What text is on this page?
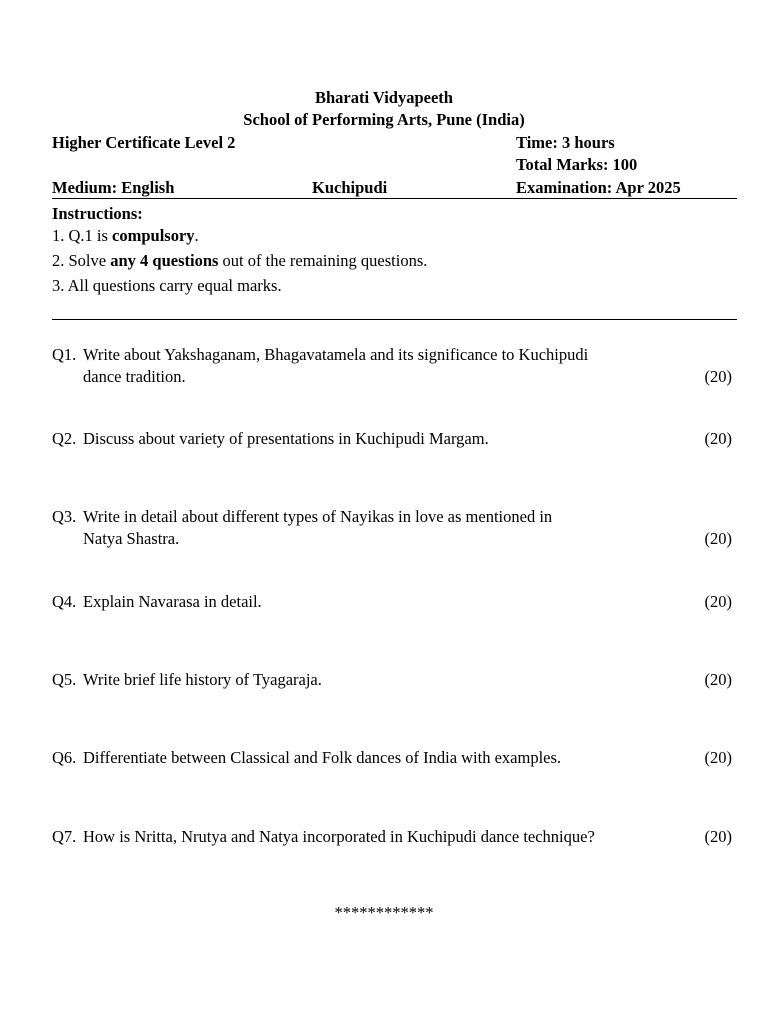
Bharati Vidyapeeth
School of Performing Arts, Pune (India)
Higher Certificate Level 2	Time: 3 hours
Total Marks: 100
Medium: English	Kuchipudi	Examination: Apr 2025
Instructions:
1. Q.1 is compulsory.
2. Solve any 4 questions out of the remaining questions.
3. All questions carry equal marks.
Q1. Write about Yakshaganam, Bhagavatamela and its significance to Kuchipudi
dance tradition.	(20)
Q2. Discuss about variety of presentations in Kuchipudi Margam.	(20)
Q3. Write in detail about different types of Nayikas in love as mentioned in
Natya Shastra.	(20)
Q4. Explain Navarasa in detail.	(20)
Q5. Write brief life history of Tyagaraja.	(20)
Q6. Differentiate between Classical and Folk dances of India with examples.	(20)
Q7. How is Nritta, Nrutya and Natya incorporated in Kuchipudi dance technique?	(20)
************
